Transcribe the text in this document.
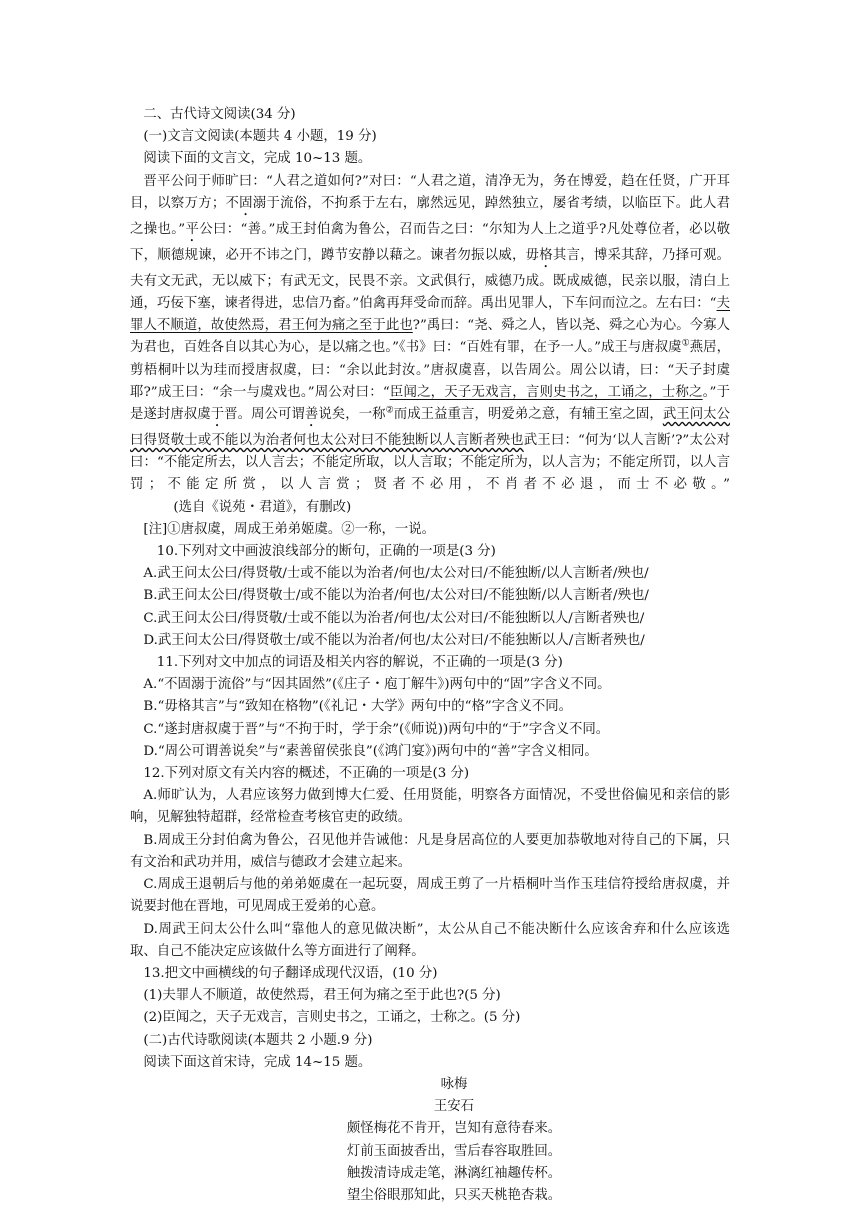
二、古代诗文阅读(34 分)

(一)文言文阅读(本题共 4 小题，19 分)

阅读下面的文言文，完成 10~13 题。

晋平公问于师旷曰：“人君之道如何?”对曰：“人君之道，清净无为，务在博爱，趋在任贤，广开耳目，以察万方；不固溺于流俗，不拘系于左右，廓然远见，踔然独立，屡省考绩，以临臣下。此人君之操也。”平公曰：“善。”成王封伯禽为鲁公，召而告之曰：“尔知为人上之道乎?凡处尊位者，必以敬下，顺德规谏，必开不讳之门，蹲节安静以藉之。谏者勿振以威，毋格其言，博采其辞，乃择可观。夫有文无武，无以威下；有武无文，民畏不亲。文武俱行，威德乃成。既成威德，民亲以服，清白上通，巧佞下塞，谏者得进，忠信乃畜。”伯禽再拜受命而辞。禹出见罪人，下车问而泣之。左右曰：“夫罪人不顺道，故使然焉，君王何为痛之至于此也?”禹曰：“尧、舜之人，皆以尧、舜之心为心。今寡人为君也，百姓各自以其心为心，是以痛之也。”《书》曰：“百姓有罪，在予一人。”成王与唐叔虞①燕居，剪梧桐叶以为珪而授唐叔虞，曰：“余以此封汝。”唐叔虞喜，以告周公。周公以请，曰：“天子封虞耶?”成王曰：“余一与虞戏也。”周公对曰：“臣闻之，天子无戏言，言则史书之，工诵之，士称之。”于是遂封唐叔虞于晋。周公可谓善说矣，一称②而成王益重言，明爱弟之意，有辅王室之固，武王问太公曰得贤敬士或不能以为治者何也太公对曰不能独断以人言断者殃也武王曰：“何为‘以人言断’?”太公对曰：“不能定所去，以人言去；不能定所取，以人言取；不能定所为，以人言为；不能定所罚，以人言罚；不能定所赏，以人言赏；贤者不必用，不肖者不必退，而士不必敬。”(选自《说苑・君道》，有删改)

[注]①唐叔虞，周成王弟弟姬虞。②一称，一说。

10.下列对文中画波浪线部分的断句，正确的一项是(3 分)

A.武王问太公曰/得贤敬/士或不能以为治者/何也/太公对曰/不能独断/以人言断者/殃也/

B.武王问太公曰/得贤敬士/或不能以为治者/何也/太公对曰/不能独断/以人言断者/殃也/

C.武王问太公曰/得贤敬/士或不能以为治者/何也/太公对曰/不能独断以人/言断者殃也/

D.武王问太公曰/得贤敬士/或不能以为治者/何也/太公对曰/不能独断以人/言断者殃也/

11.下列对文中加点的词语及相关内容的解说，不正确的一项是(3 分)

A.“不固溺于流俗”与“因其固然”(《庄子・庖丁解牛》)两句中的“固”字含义不同。

B.“毋格其言”与“致知在格物”(《礼记・大学》两句中的“格”字含义不同。

C.“遂封唐叔虞于晋”与“不拘于时，学于余”(《师说))两句中的“于”字含义不同。

D.“周公可谓善说矣”与“素善留侯张良”(《鸿门宴》)两句中的“善”字含义相同。

12.下列对原文有关内容的概述，不正确的一项是(3 分)

A.师旷认为，人君应该努力做到博大仁爱、任用贤能，明察各方面情况，不受世俗偏见和亲信的影响，见解独特超群，经常检查考核官吏的政绩。

B.周成王分封伯禽为鲁公，召见他并告诫他：凡是身居高位的人要更加恭敬地对待自己的下属，只有文治和武功并用，威信与德政才会建立起来。

C.周成王退朝后与他的弟弟姬虞在一起玩耍，周成王剪了一片梧桐叶当作玉珪信符授给唐叔虞，并说要封他在晋地，可见周成王爱弟的心意。

D.周武王问太公什么叫“靠他人的意见做决断”，太公从自己不能决断什么应该舍弃和什么应该选取、自己不能决定应该做什么等方面进行了阐释。

13.把文中画横线的句子翻译成现代汉语，(10 分)

(1)夫罪人不顺道，故使然焉，君王何为痛之至于此也?(5 分)

(2)臣闻之，天子无戏言，言则史书之，工诵之，士称之。(5 分)

(二)古代诗歌阅读(本题共 2 小题.9 分)

阅读下面这首宋诗，完成 14~15 题。

咏梅

王安石

颇怪梅花不肯开，岂知有意待春来。

灯前玉面披香出，雪后春容取胜回。

触拨清诗成走笔，淋漓红袖趣传杯。

望尘俗眼那知此，只买天桃艳杏栽。
